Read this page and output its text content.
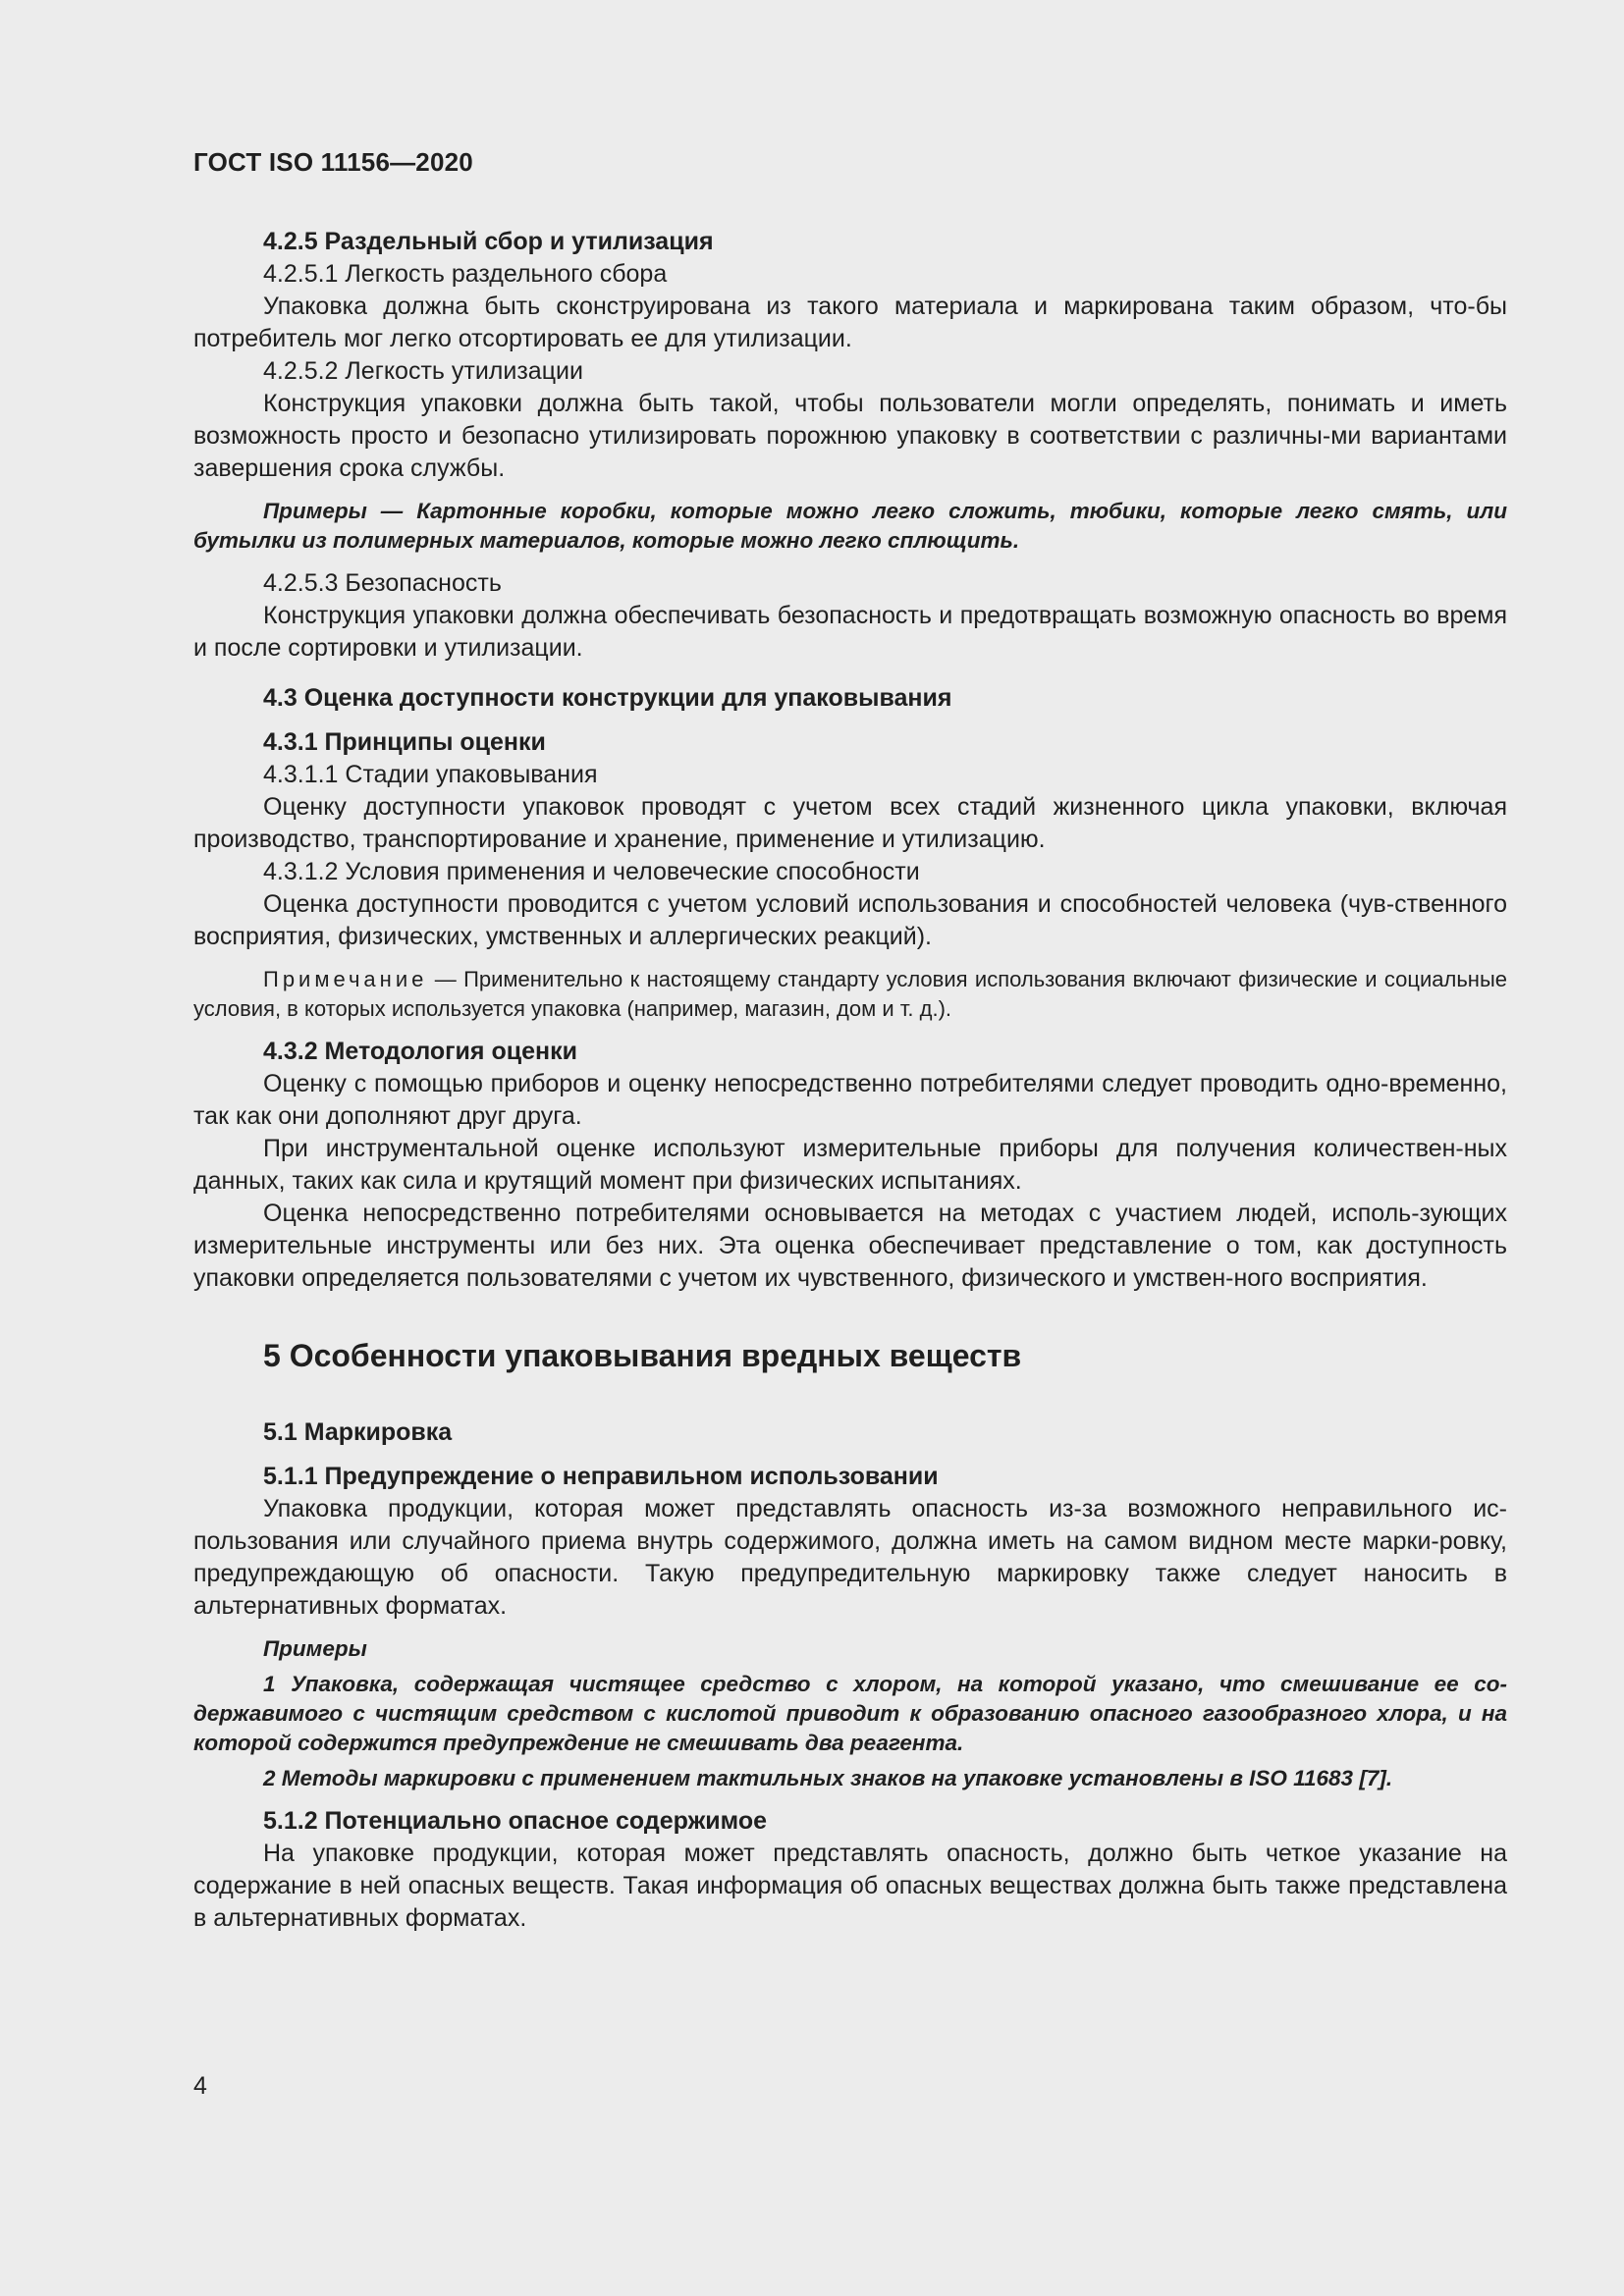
ГОСТ ISO 11156—2020

4.2.5 Раздельный сбор и утилизация

4.2.5.1 Легкость раздельного сбора

Упаковка должна быть сконструирована из такого материала и маркирована таким образом, что-бы потребитель мог легко отсортировать ее для утилизации.

4.2.5.2 Легкость утилизации

Конструкция упаковки должна быть такой, чтобы пользователи могли определять, понимать и иметь возможность просто и безопасно утилизировать порожнюю упаковку в соответствии с различны-ми вариантами завершения срока службы.

Примеры — Картонные коробки, которые можно легко сложить, тюбики, которые легко смять, или бутылки из полимерных материалов, которые можно легко сплющить.

4.2.5.3 Безопасность

Конструкция упаковки должна обеспечивать безопасность и предотвращать возможную опасность во время и после сортировки и утилизации.

4.3 Оценка доступности конструкции для упаковывания

4.3.1 Принципы оценки

4.3.1.1 Стадии упаковывания

Оценку доступности упаковок проводят с учетом всех стадий жизненного цикла упаковки, включая производство, транспортирование и хранение, применение и утилизацию.

4.3.1.2 Условия применения и человеческие способности

Оценка доступности проводится с учетом условий использования и способностей человека (чув-ственного восприятия, физических, умственных и аллергических реакций).

Примечание — Применительно к настоящему стандарту условия использования включают физические и социальные условия, в которых используется упаковка (например, магазин, дом и т. д.).

4.3.2 Методология оценки

Оценку с помощью приборов и оценку непосредственно потребителями следует проводить одно-временно, так как они дополняют друг друга.

При инструментальной оценке используют измерительные приборы для получения количествен-ных данных, таких как сила и крутящий момент при физических испытаниях.

Оценка непосредственно потребителями основывается на методах с участием людей, исполь-зующих измерительные инструменты или без них. Эта оценка обеспечивает представление о том, как доступность упаковки определяется пользователями с учетом их чувственного, физического и умствен-ного восприятия.

5 Особенности упаковывания вредных веществ

5.1 Маркировка

5.1.1 Предупреждение о неправильном использовании

Упаковка продукции, которая может представлять опасность из-за возможного неправильного ис-пользования или случайного приема внутрь содержимого, должна иметь на самом видном месте марки-ровку, предупреждающую об опасности. Такую предупредительную маркировку также следует наносить в альтернативных форматах.

Примеры

1 Упаковка, содержащая чистящее средство с хлором, на которой указано, что смешивание ее со-державимого с чистящим средством с кислотой приводит к образованию опасного газообразного хлора, и на которой содержится предупреждение не смешивать два реагента.

2 Методы маркировки с применением тактильных знаков на упаковке установлены в ISO 11683 [7].

5.1.2 Потенциально опасное содержимое

На упаковке продукции, которая может представлять опасность, должно быть четкое указание на содержание в ней опасных веществ. Такая информация об опасных веществах должна быть также представлена в альтернативных форматах.

4
